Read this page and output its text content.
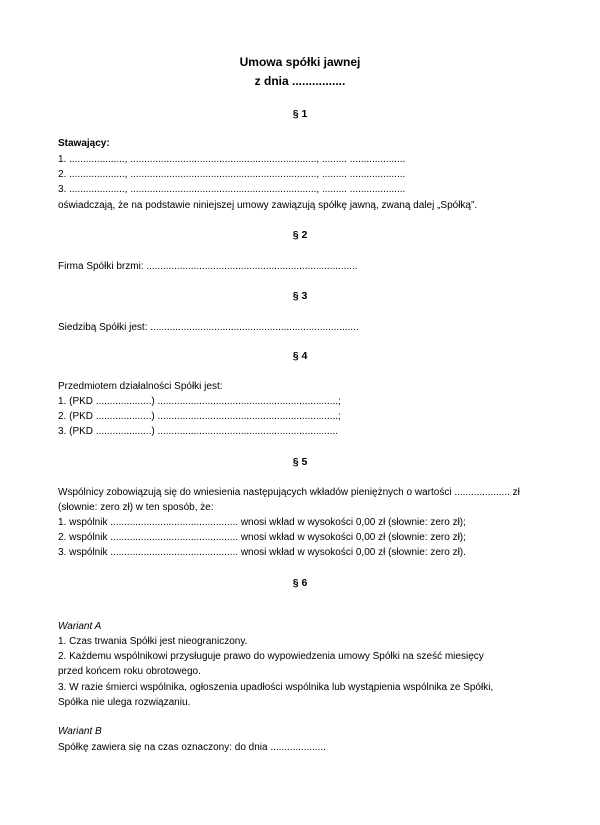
Umowa spółki jawnej
z dnia ................
§ 1
Stawający:
1. ...................., ..................................................................., ......... ....................
2. ...................., ..................................................................., ......... ....................
3. ...................., ..................................................................., ......... ....................
oświadczają, że na podstawie niniejszej umowy zawiązują spółkę jawną, zwaną dalej „Spółką”.
§ 2
Firma Spółki brzmi: ............................................................................
§ 3
Siedzibą Spółki jest: ...........................................................................
§ 4
Przedmiotem działalności Spółki jest:
1. (PKD ....................) .................................................................;
2. (PKD ....................) .................................................................;
3. (PKD ....................) .................................................................
§ 5
Wspólnicy zobowiązują się do wniesienia następujących wkładów pieniężnych o wartości .................... zł
(słownie: zero zł) w ten sposób, że:
1. wspólnik .............................................. wnosi wkład w wysokości 0,00 zł (słownie: zero zł);
2. wspólnik .............................................. wnosi wkład w wysokości 0,00 zł (słownie: zero zł);
3. wspólnik .............................................. wnosi wkład w wysokości 0,00 zł (słownie: zero zł).
§ 6
Wariant A
1. Czas trwania Spółki jest nieograniczony.
2. Każdemu wspólnikowi przysługuje prawo do wypowiedzenia umowy Spółki na sześć miesięcy
przed końcem roku obrotowego.
3. W razie śmierci wspólnika, ogłoszenia upadłości wspólnika lub wystąpienia wspólnika ze Spółki,
Spółka nie ulega rozwiązaniu.
Wariant B
Spółkę zawiera się na czas oznaczony: do dnia ....................
